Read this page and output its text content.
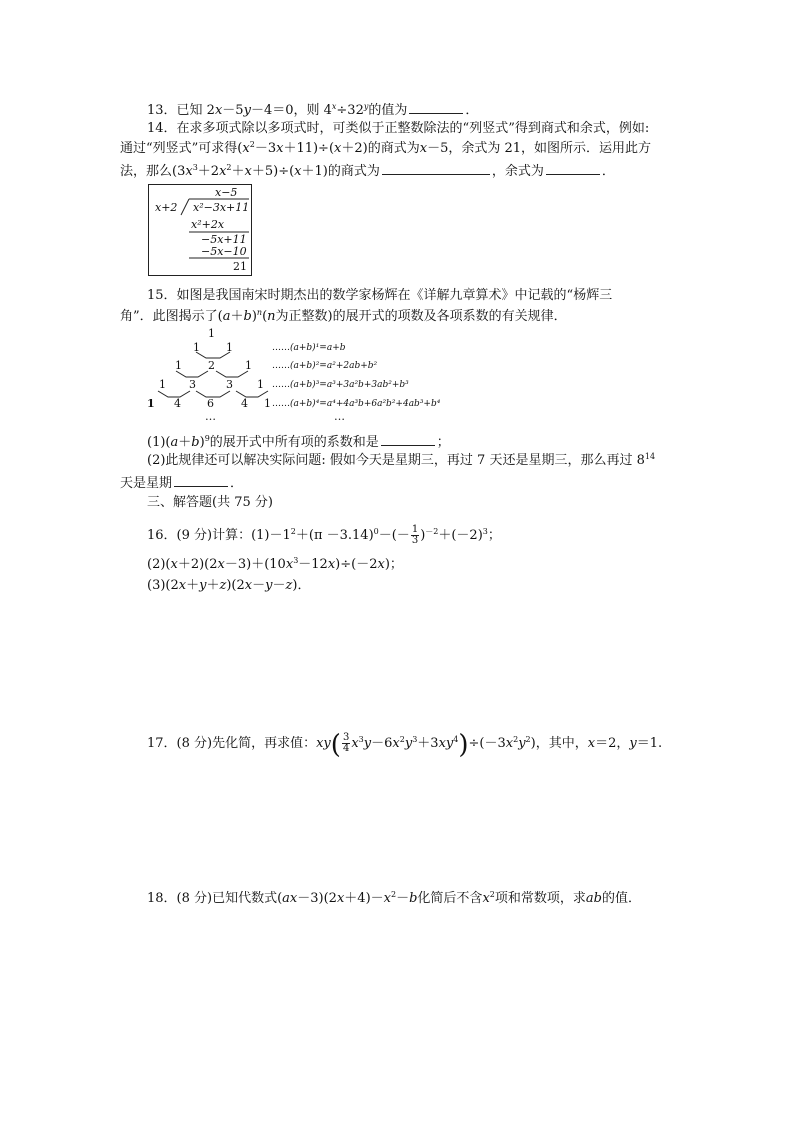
13．已知 2x－5y－4＝0，则 $4^x\div 32^y$的值为	．
14．在求多项式除以多项式时，可类似于正整数除法的“列竖式”得到商式和余式，例如:
通过“列竖式”可求得$(x^2-3x+11)\div(x+2)$的商式为x－5，余式为 21，如图所示．运用此方
法，那么$(3x^3+2x^2+x+5)\div(x+1)$的商式为	，余式为	．
x−5
x+2 x²−3x+11
x²+2x
−5x+11
−5x−10
21
15．如图是我国南宋时期杰出的数学家杨辉在《详解九章算术》中记载的“杨辉三
角”．此图揭示了$(a+b)^n(n$为正整数)的展开式的项数及各项系数的有关规律．
1
1 1
1 2	1
1 3	3 1
1 4 6 4 1
…
……(a+b)¹=a+b
……(a+b)²=a²+2ab+b²
……(a+b)³=a³+3a²b+3ab²+b³
……(a+b)⁴=a⁴+4a³b+6a²b²+4ab³+b⁴
…
$(1)(a+b)^9$的展开式中所有项的系数和是	；
(2)此规律还可以解决实际问题: 假如今天是星期三，再过 7 天还是星期三，那么再过 $8^{14}$
天是星期	．
三、解答题(共 75 分)
16．(9 分)计算：$(1)-1^2+(\pi -3.14)^0-(- \frac{1}{3} )^{-2}+(-2)^3$；
$(2)(x+2)(2x-3)+(10x^3-12x)\div(-2x)$；
(3)(2x＋y＋z)(2x－y－z)．
17．(8 分)先化简，再求值：$xy( \frac{3}{4} x^3y-6x^2y^3+3xy^4)\div(-3x^2y^2)$，其中，x＝2，y＝1.
18．(8 分)已知代数式$(ax-3)(2x+4)-x^2-b$化简后不含$x^2$项和常数项，求ab的值．
